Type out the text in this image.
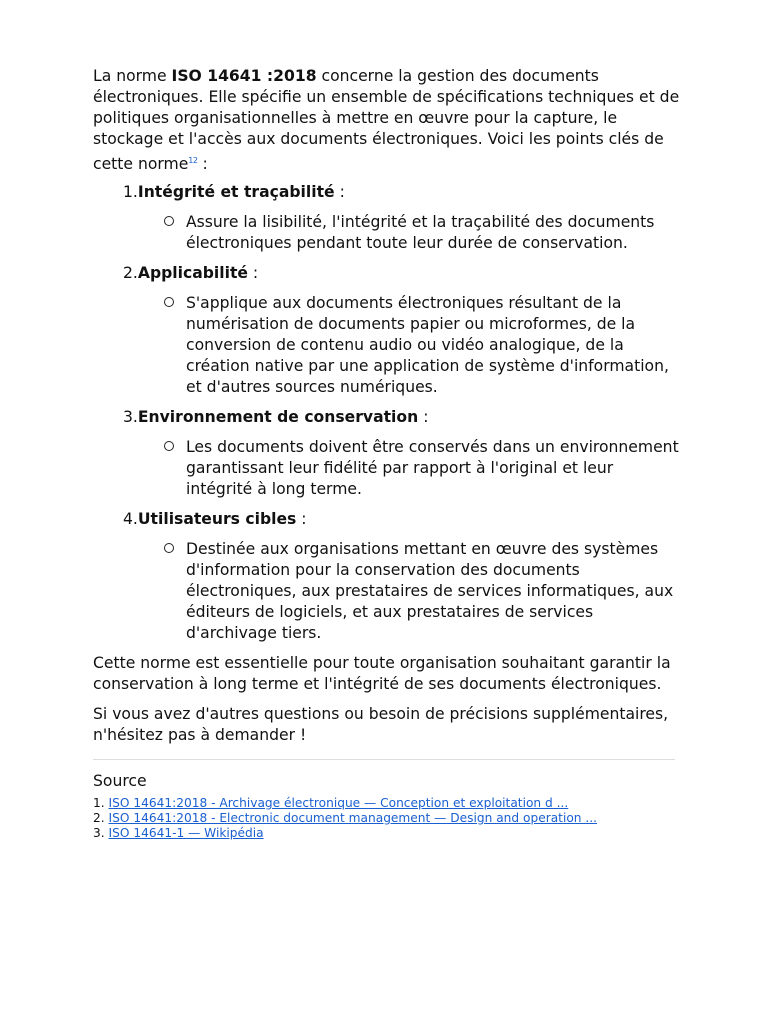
La norme ISO 14641 :2018 concerne la gestion des documents électroniques. Elle spécifie un ensemble de spécifications techniques et de politiques organisationnelles à mettre en œuvre pour la capture, le stockage et l'accès aux documents électroniques. Voici les points clés de cette norme$^{12}$ :

1.Intégrité et traçabilité :
Assure la lisibilité, l'intégrité et la traçabilité des documents électroniques pendant toute leur durée de conservation.
2.Applicabilité :
S'applique aux documents électroniques résultant de la numérisation de documents papier ou microformes, de la conversion de contenu audio ou vidéo analogique, de la création native par une application de système d'information, et d'autres sources numériques.
3.Environnement de conservation :
Les documents doivent être conservés dans un environnement garantissant leur fidélité par rapport à l'original et leur intégrité à long terme.
4.Utilisateurs cibles :
Destinée aux organisations mettant en œuvre des systèmes d'information pour la conservation des documents électroniques, aux prestataires de services informatiques, aux éditeurs de logiciels, et aux prestataires de services d'archivage tiers.

Cette norme est essentielle pour toute organisation souhaitant garantir la conservation à long terme et l'intégrité de ses documents électroniques.

Si vous avez d'autres questions ou besoin de précisions supplémentaires, n'hésitez pas à demander !

Source
1. ISO 14641:2018 - Archivage électronique — Conception et exploitation d ...
2. ISO 14641:2018 - Electronic document management — Design and operation ...
3. ISO 14641-1 — Wikipédia
